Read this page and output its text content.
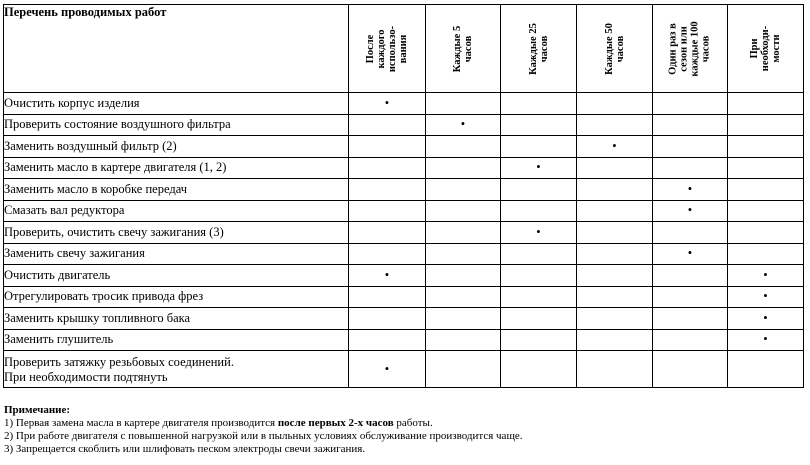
Перечень проводимых работ	После
каждого
использо-
вания	Каждые 5
часов	Каждые 25
часов	Каждые 50
часов	Один раз в
сезон или
каждые 100
часов	При
необходи-
мости

Очистить корпус изделия	•					
Проверить состояние воздушного фильтра		•				
Заменить воздушный фильтр (2)				•		
Заменить масло в картере двигателя (1, 2)			•			
Заменить масло в коробке передач					•	
Смазать вал редуктора					•	
Проверить, очистить свечу зажигания (3)			•			
Заменить свечу зажигания					•	
Очистить двигатель	•					•
Отрегулировать тросик привода фрез						•
Заменить крышку топливного бака						•
Заменить глушитель						•
Проверить затяжку резьбовых соединений.
При необходимости подтянуть	•					

Примечание:

1) Первая замена масла в картере двигателя производится после первых 2-х часов работы.

2) При работе двигателя с повышенной нагрузкой или в пыльных условиях обслуживание производится чаще.

3) Запрещается скоблить или шлифовать песком электроды свечи зажигания.
